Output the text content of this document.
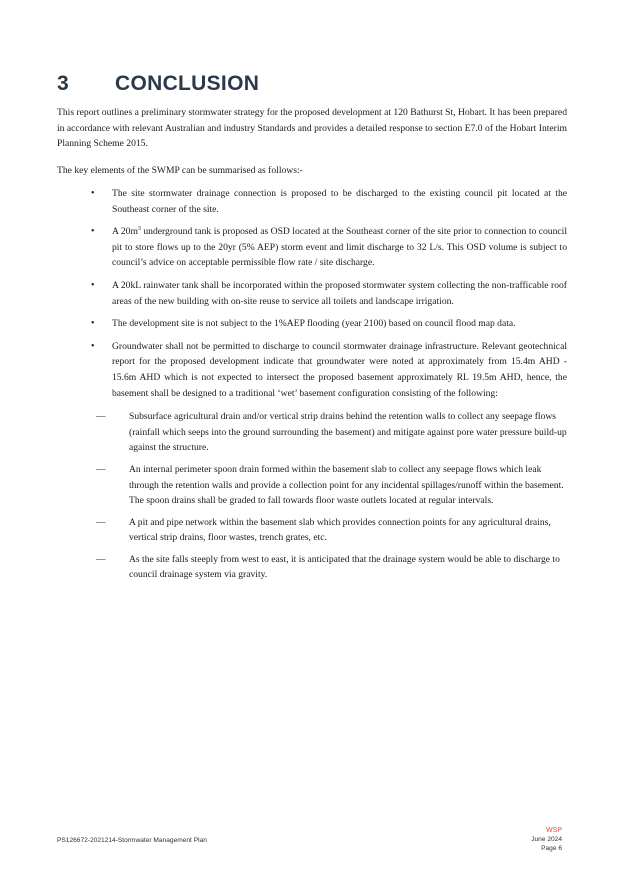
3 CONCLUSION

This report outlines a preliminary stormwater strategy for the proposed development at 120 Bathurst St, Hobart. It has been prepared in accordance with relevant Australian and industry Standards and provides a detailed response to section E7.0 of the Hobart Interim Planning Scheme 2015.

The key elements of the SWMP can be summarised as follows:-

• The site stormwater drainage connection is proposed to be discharged to the existing council pit located at the Southeast corner of the site.
• A $20m^3$ underground tank is proposed as OSD located at the Southeast corner of the site prior to connection to council pit to store flows up to the 20yr (5% AEP) storm event and limit discharge to 32 L/s. This OSD volume is subject to council’s advice on acceptable permissible flow rate / site discharge.
• A 20kL rainwater tank shall be incorporated within the proposed stormwater system collecting the non-trafficable roof areas of the new building with on-site reuse to service all toilets and landscape irrigation.
• The development site is not subject to the 1%AEP flooding (year 2100) based on council flood map data.
• Groundwater shall not be permitted to discharge to council stormwater drainage infrastructure. Relevant geotechnical report for the proposed development indicate that groundwater were noted at approximately from 15.4m AHD - 15.6m AHD which is not expected to intersect the proposed basement approximately RL 19.5m AHD, hence, the basement shall be designed to a traditional ‘wet’ basement configuration consisting of the following:
— Subsurface agricultural drain and/or vertical strip drains behind the retention walls to collect any seepage flows (rainfall which seeps into the ground surrounding the basement) and mitigate against pore water pressure build-up against the structure.
— An internal perimeter spoon drain formed within the basement slab to collect any seepage flows which leak through the retention walls and provide a collection point for any incidental spillages/runoff within the basement. The spoon drains shall be graded to fall towards floor waste outlets located at regular intervals.
— A pit and pipe network within the basement slab which provides connection points for any agricultural drains, vertical strip drains, floor wastes, trench grates, etc.
— As the site falls steeply from west to east, it is anticipated that the drainage system would be able to discharge to council drainage system via gravity.
PS126672-2021214-Stormwater Management Plan
WSP
June 2024
Page 6
